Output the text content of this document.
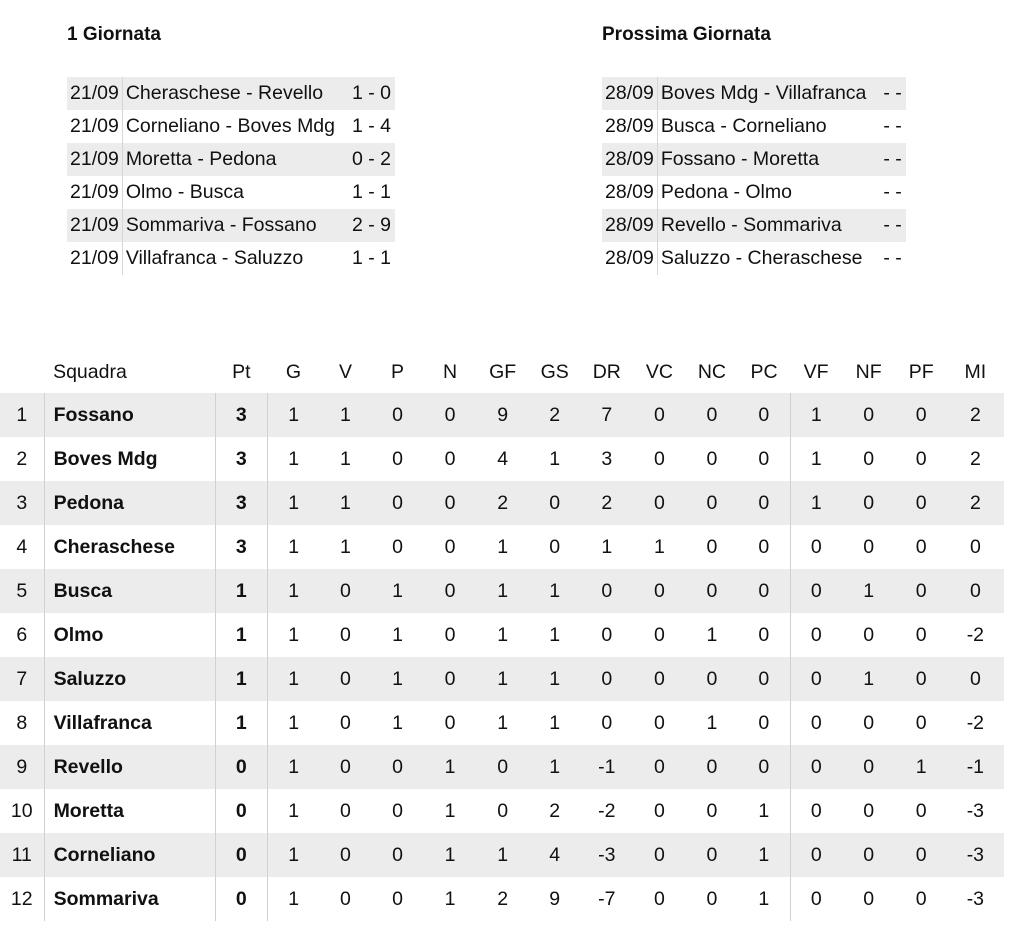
1 Giornata
21/09	Cheraschese - Revello	1 - 0
21/09	Corneliano - Boves Mdg	1 - 4
21/09	Moretta - Pedona	0 - 2
21/09	Olmo - Busca	1 - 1
21/09	Sommariva - Fossano	2 - 9
21/09	Villafranca - Saluzzo	1 - 1
Prossima Giornata
28/09	Boves Mdg - Villafranca	- -
28/09	Busca - Corneliano	- -
28/09	Fossano - Moretta	- -
28/09	Pedona - Olmo	- -
28/09	Revello - Sommariva	- -
28/09	Saluzzo - Cheraschese	- -
	Squadra	Pt	G	V	P	N	GF	GS	DR	VC	NC	PC	VF	NF	PF	MI
1	Fossano	3	1	1	0	0	9	2	7	0	0	0	1	0	0	2
2	Boves Mdg	3	1	1	0	0	4	1	3	0	0	0	1	0	0	2
3	Pedona	3	1	1	0	0	2	0	2	0	0	0	1	0	0	2
4	Cheraschese	3	1	1	0	0	1	0	1	1	0	0	0	0	0	0
5	Busca	1	1	0	1	0	1	1	0	0	0	0	0	1	0	0
6	Olmo	1	1	0	1	0	1	1	0	0	1	0	0	0	0	-2
7	Saluzzo	1	1	0	1	0	1	1	0	0	0	0	0	1	0	0
8	Villafranca	1	1	0	1	0	1	1	0	0	1	0	0	0	0	-2
9	Revello	0	1	0	0	1	0	1	-1	0	0	0	0	0	1	-1
10	Moretta	0	1	0	0	1	0	2	-2	0	0	1	0	0	0	-3
11	Corneliano	0	1	0	0	1	1	4	-3	0	0	1	0	0	0	-3
12	Sommariva	0	1	0	0	1	2	9	-7	0	0	1	0	0	0	-3
